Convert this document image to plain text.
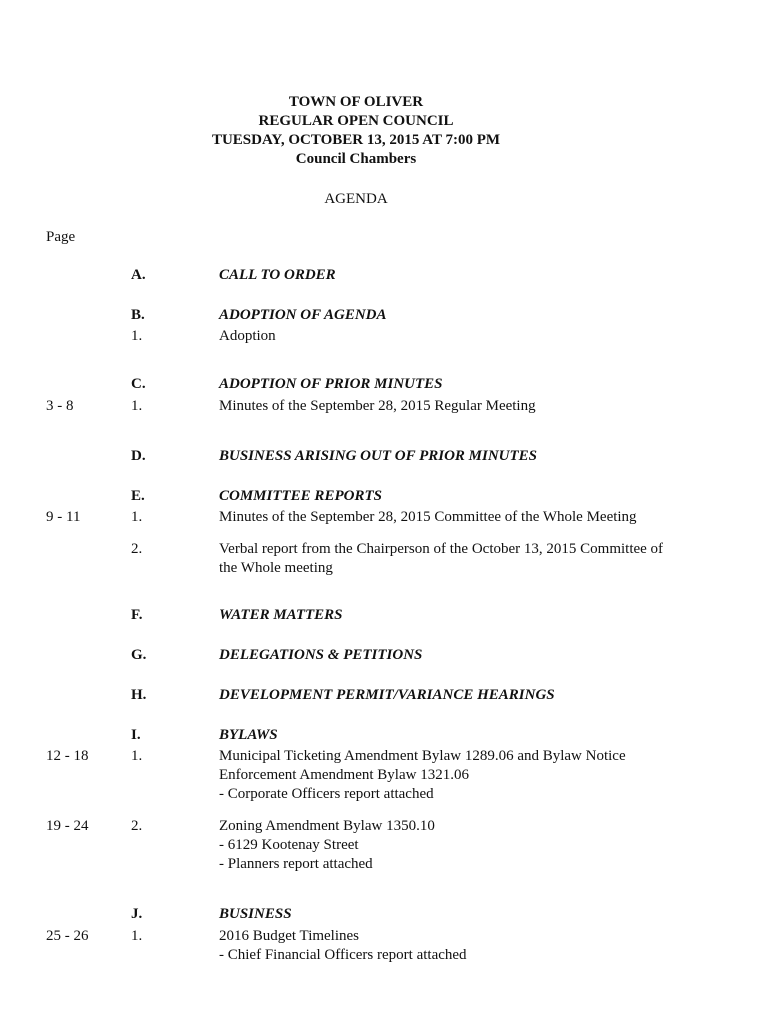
TOWN OF OLIVER
REGULAR OPEN COUNCIL
TUESDAY, OCTOBER 13, 2015 AT 7:00 PM
Council Chambers
AGENDA
Page
A.	CALL TO ORDER
B.	ADOPTION OF AGENDA
1.	Adoption
C.	ADOPTION OF PRIOR MINUTES
3 - 8	1.	Minutes of the September 28, 2015 Regular Meeting
D.	BUSINESS ARISING OUT OF PRIOR MINUTES
E.	COMMITTEE REPORTS
9 - 11	1.	Minutes of the September 28, 2015 Committee of the Whole Meeting
2.	Verbal report from the Chairperson of the October 13, 2015 Committee of
the Whole meeting
F.	WATER MATTERS
G.	DELEGATIONS & PETITIONS
H.	DEVELOPMENT PERMIT/VARIANCE HEARINGS
I.	BYLAWS
12 - 18	1.	Municipal Ticketing Amendment Bylaw 1289.06 and Bylaw Notice
Enforcement Amendment Bylaw 1321.06
- Corporate Officers report attached
19 - 24	2.	Zoning Amendment Bylaw 1350.10
- 6129 Kootenay Street
- Planners report attached
J.	BUSINESS
25 - 26	1.	2016 Budget Timelines
- Chief Financial Officers report attached
